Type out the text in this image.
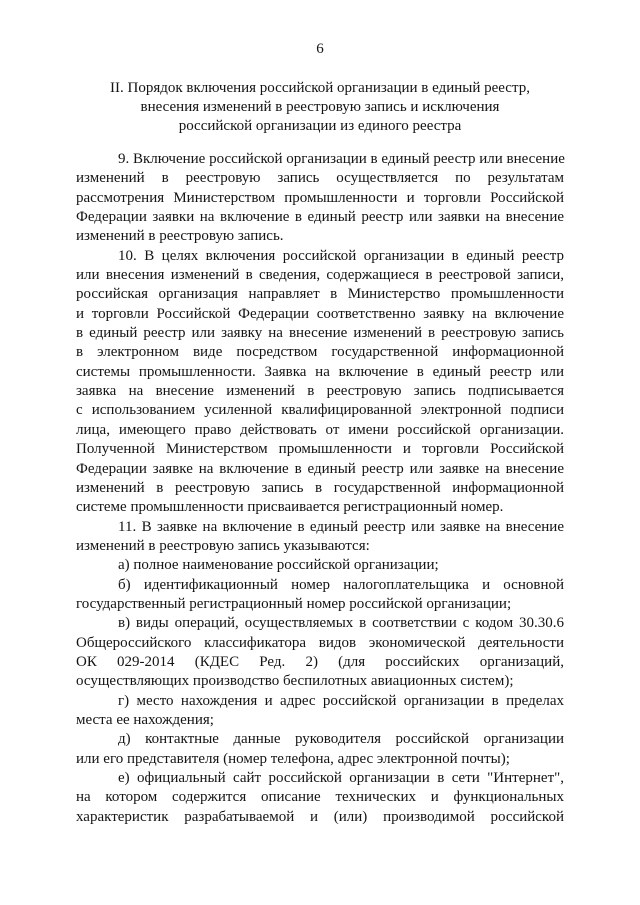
6
II. Порядок включения российской организации в единый реестр,
внесения изменений в реестровую запись и исключения
российской организации из единого реестра
9. Включение российской организации в единый реестр или внесение
изменений в реестровую запись осуществляется по результатам
рассмотрения Министерством промышленности и торговли Российской
Федерации заявки на включение в единый реестр или заявки на внесение
изменений в реестровую запись.
10. В целях включения российской организации в единый реестр
или внесения изменений в сведения, содержащиеся в реестровой записи,
российская организация направляет в Министерство промышленности
и торговли Российской Федерации соответственно заявку на включение
в единый реестр или заявку на внесение изменений в реестровую запись
в электронном виде посредством государственной информационной
системы промышленности. Заявка на включение в единый реестр или
заявка на внесение изменений в реестровую запись подписывается
с использованием усиленной квалифицированной электронной подписи
лица, имеющего право действовать от имени российской организации.
Полученной Министерством промышленности и торговли Российской
Федерации заявке на включение в единый реестр или заявке на внесение
изменений в реестровую запись в государственной информационной
системе промышленности присваивается регистрационный номер.
11. В заявке на включение в единый реестр или заявке на внесение
изменений в реестровую запись указываются:
а) полное наименование российской организации;
б) идентификационный номер налогоплательщика и основной
государственный регистрационный номер российской организации;
в) виды операций, осуществляемых в соответствии с кодом 30.30.6
Общероссийского классификатора видов экономической деятельности
ОК 029-2014 (КДЕС Ред. 2) (для российских организаций,
осуществляющих производство беспилотных авиационных систем);
г) место нахождения и адрес российской организации в пределах
места ее нахождения;
д) контактные данные руководителя российской организации
или его представителя (номер телефона, адрес электронной почты);
е) официальный сайт российской организации в сети "Интернет",
на котором содержится описание технических и функциональных
характеристик разрабатываемой и (или) производимой российской
